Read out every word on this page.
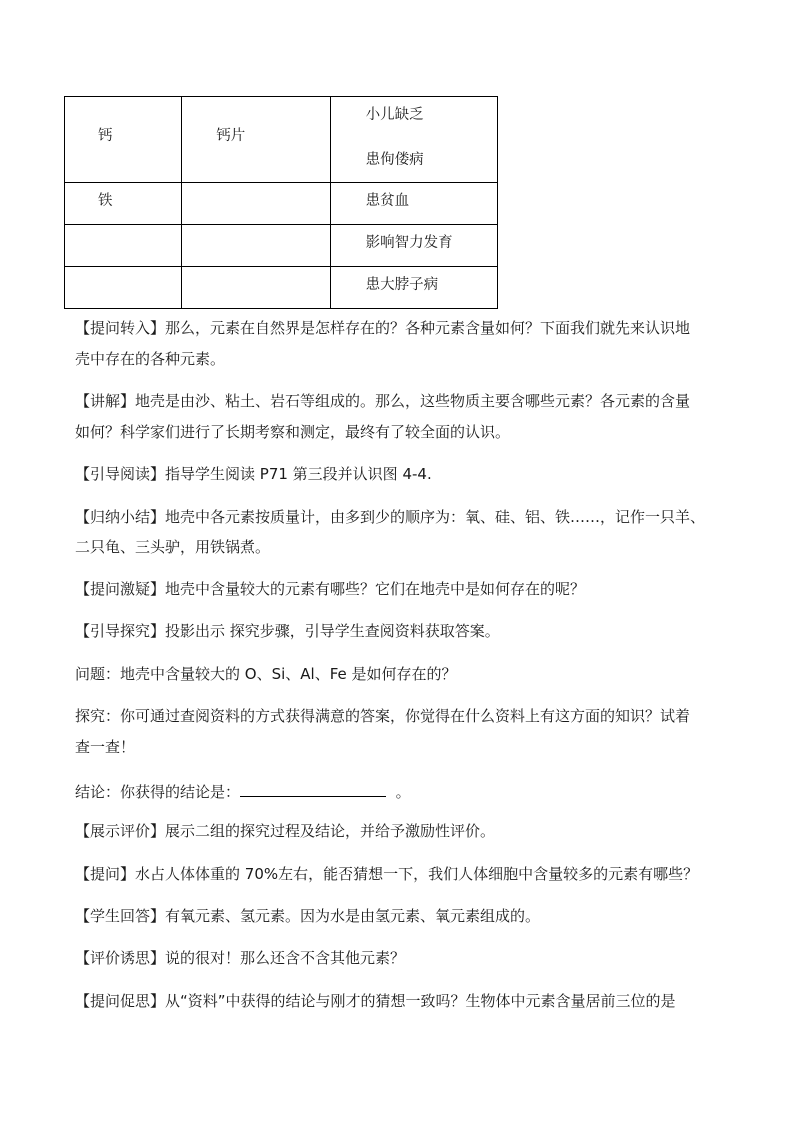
钙	钙片	小儿缺乏
患佝偻病

铁		患贫血

		影响智力发育

		患大脖子病
【提问转入】那么，元素在自然界是怎样存在的？各种元素含量如何？下面我们就先来认识地
壳中存在的各种元素。
【讲解】地壳是由沙、粘土、岩石等组成的。那么，这些物质主要含哪些元素？各元素的含量
如何？科学家们进行了长期考察和测定，最终有了较全面的认识。
【引导阅读】指导学生阅读 P71 第三段并认识图 4-4.
【归纳小结】地壳中各元素按质量计，由多到少的顺序为：氧、硅、铝、铁……，记作一只羊、
二只龟、三头驴，用铁锅煮。
【提问激疑】地壳中含量较大的元素有哪些？它们在地壳中是如何存在的呢？
【引导探究】投影出示 探究步骤，引导学生查阅资料获取答案。
问题：地壳中含量较大的 O、Si、Al、Fe 是如何存在的？
探究：你可通过查阅资料的方式获得满意的答案，你觉得在什么资料上有这方面的知识？试着
查一查！
结论：你获得的结论是：	。
【展示评价】展示二组的探究过程及结论，并给予激励性评价。
【提问】水占人体体重的 70%左右，能否猜想一下，我们人体细胞中含量较多的元素有哪些？
【学生回答】有氧元素、氢元素。因为水是由氢元素、氧元素组成的。
【评价诱思】说的很对！那么还含不含其他元素？
【提问促思】从“资料”中获得的结论与刚才的猜想一致吗？生物体中元素含量居前三位的是
